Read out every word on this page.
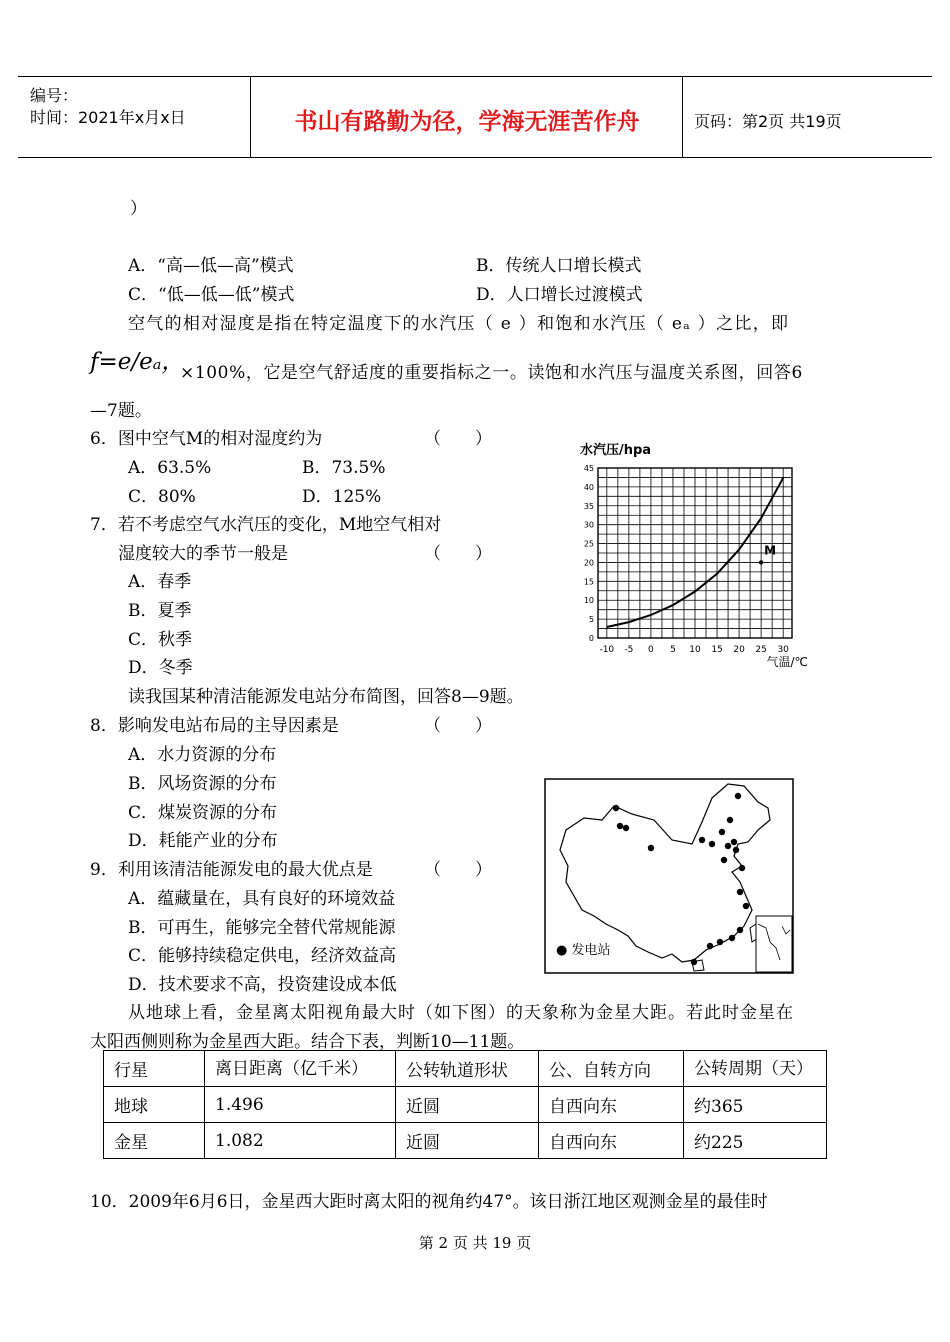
编号：
时间：2021年x月x日	书山有路勤为径，学海无涯苦作舟	页码：第2页 共19页
）
A．“高—低—高”模式	B．传统人口增长模式
C．“低—低—低”模式	D．人口增长过渡模式
空气的相对湿度是指在特定温度下的水汽压（ e ）和饱和水汽压（ eₐ ）之比，即
f=e/eₐ，
×100%，它是空气舒适度的重要指标之一。读饱和水汽压与温度关系图，回答6
—7题。
6．图中空气M的相对湿度约为	（　　）
A．63.5%	B．73.5%
C．80%	D．125%
7．若不考虑空气水汽压的变化，M地空气相对
湿度较大的季节一般是	（　　）
A．春季
B．夏季
C．秋季
D．冬季
水汽压/hpa
0
5
10
15
20
25
30
35
40
45
-10 -5 0 5 10 15 20 25 30
气温/℃
M
读我国某种清洁能源发电站分布简图，回答8—9题。
8．影响发电站布局的主导因素是	（　　）
A．水力资源的分布
B．风场资源的分布
C．煤炭资源的分布
D．耗能产业的分布
9．利用该清洁能源发电的最大优点是	（　　）
A．蕴藏量在，具有良好的环境效益
B．可再生，能够完全替代常规能源
C．能够持续稳定供电，经济效益高
D．技术要求不高，投资建设成本低
● 发电站
从地球上看，金星离太阳视角最大时（如下图）的天象称为金星大距。若此时金星在
太阳西侧则称为金星西大距。结合下表，判断10—11题。
行星	离日距离（亿千米）	公转轨道形状	公、自转方向	公转周期（天）
地球	1.496	近圆	自西向东	约365
金星	1.082	近圆	自西向东	约225
10．2009年6月6日，金星西大距时离太阳的视角约47°。该日浙江地区观测金星的最佳时
第 2 页 共 19 页
